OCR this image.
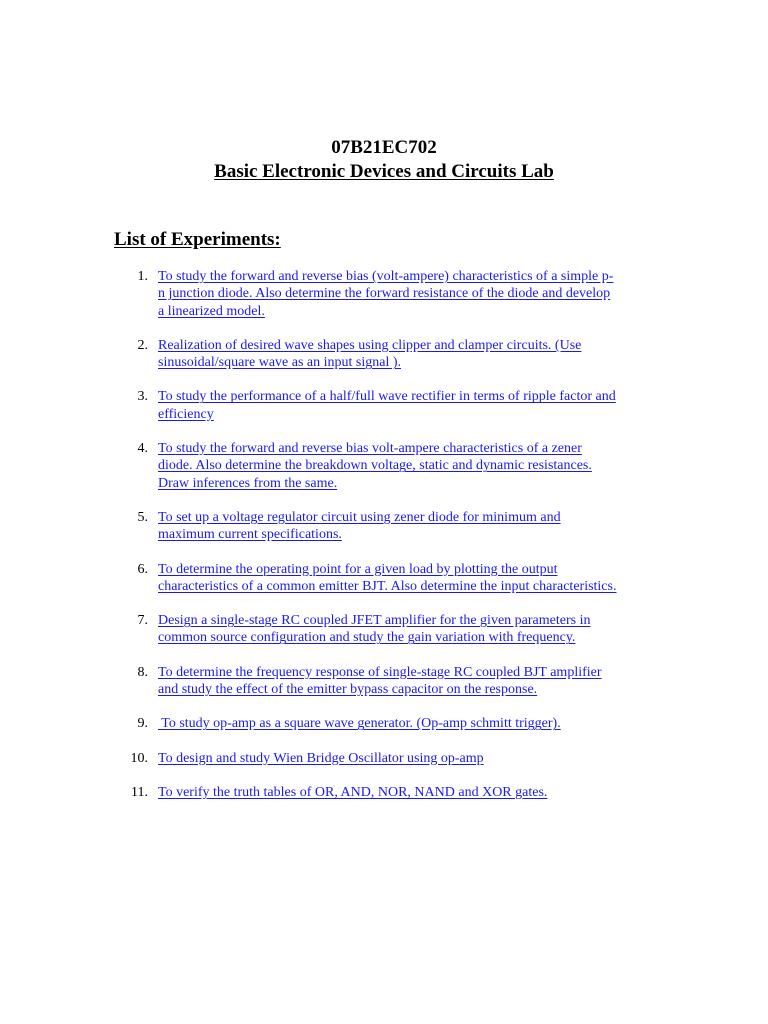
07B21EC702
Basic Electronic Devices and Circuits Lab
List of Experiments:
1. To study the forward and reverse bias (volt-ampere) characteristics of a simple p-
n junction diode. Also determine the forward resistance of the diode and develop
a linearized model.
2. Realization of desired wave shapes using clipper and clamper circuits. (Use
sinusoidal/square wave as an input signal ).
3. To study the performance of a half/full wave rectifier in terms of ripple factor and
efficiency
4. To study the forward and reverse bias volt-ampere characteristics of a zener
diode. Also determine the breakdown voltage, static and dynamic resistances.
Draw inferences from the same.
5. To set up a voltage regulator circuit using zener diode for minimum and
maximum current specifications.
6. To determine the operating point for a given load by plotting the output
characteristics of a common emitter BJT. Also determine the input characteristics.
7. Design a single-stage RC coupled JFET amplifier for the given parameters in
common source configuration and study the gain variation with frequency.
8. To determine the frequency response of single-stage RC coupled BJT amplifier
and study the effect of the emitter bypass capacitor on the response.
9. To study op-amp as a square wave generator. (Op-amp schmitt trigger).
10. To design and study Wien Bridge Oscillator using op-amp
11. To verify the truth tables of OR, AND, NOR, NAND and XOR gates.
